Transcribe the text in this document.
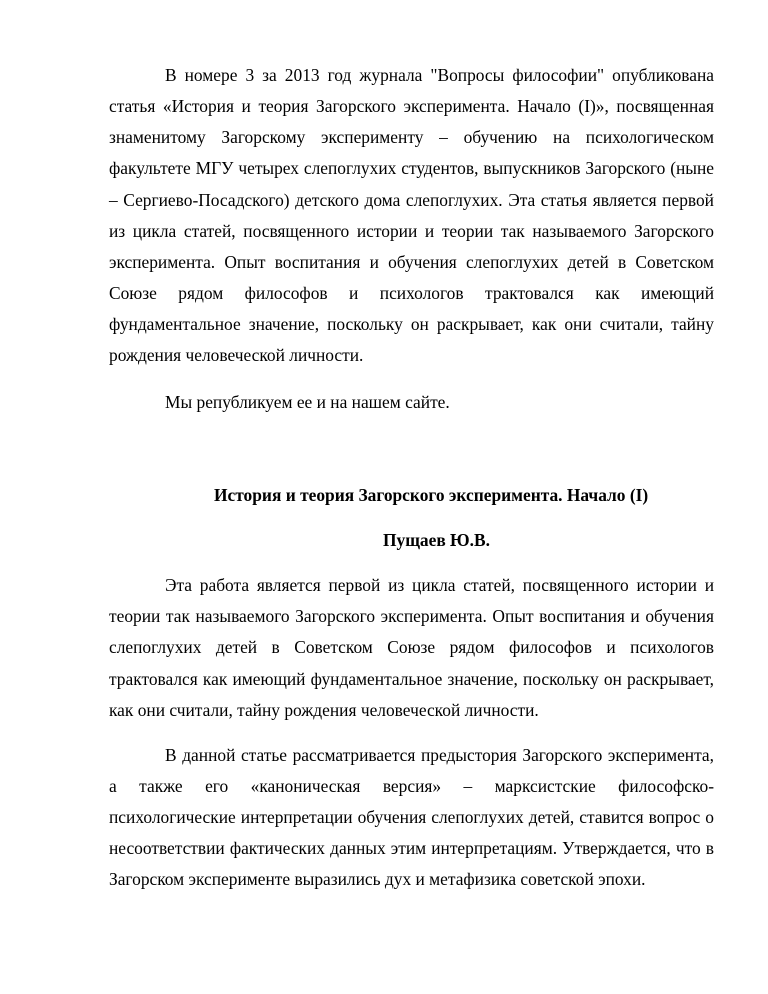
В номере 3 за 2013 год журнала "Вопросы философии" опубликована статья «История и теория Загорского эксперимента. Начало (I)», посвященная знаменитому Загорскому эксперименту – обучению на психологическом факультете МГУ четырех слепоглухих студентов, выпускников Загорского (ныне – Сергиево-Посадского) детского дома слепоглухих. Эта статья является первой из цикла статей, посвященного истории и теории так называемого Загорского эксперимента. Опыт воспитания и обучения слепоглухих детей в Советском Союзе рядом философов и психологов трактовался как имеющий фундаментальное значение, поскольку он раскрывает, как они считали, тайну рождения человеческой личности.

Мы републикуем ее и на нашем сайте.

История и теория Загорского эксперимента. Начало (I)

Пущаев Ю.В.

Эта работа является первой из цикла статей, посвященного истории и теории так называемого Загорского эксперимента. Опыт воспитания и обучения слепоглухих детей в Советском Союзе рядом философов и психологов трактовался как имеющий фундаментальное значение, поскольку он раскрывает, как они считали, тайну рождения человеческой личности.

В данной статье рассматривается предыстория Загорского эксперимента, а также его «каноническая версия» – марксистские философско-психологические интерпретации обучения слепоглухих детей, ставится вопрос о несоответствии фактических данных этим интерпретациям. Утверждается, что в Загорском эксперименте выразились дух и метафизика советской эпохи.
